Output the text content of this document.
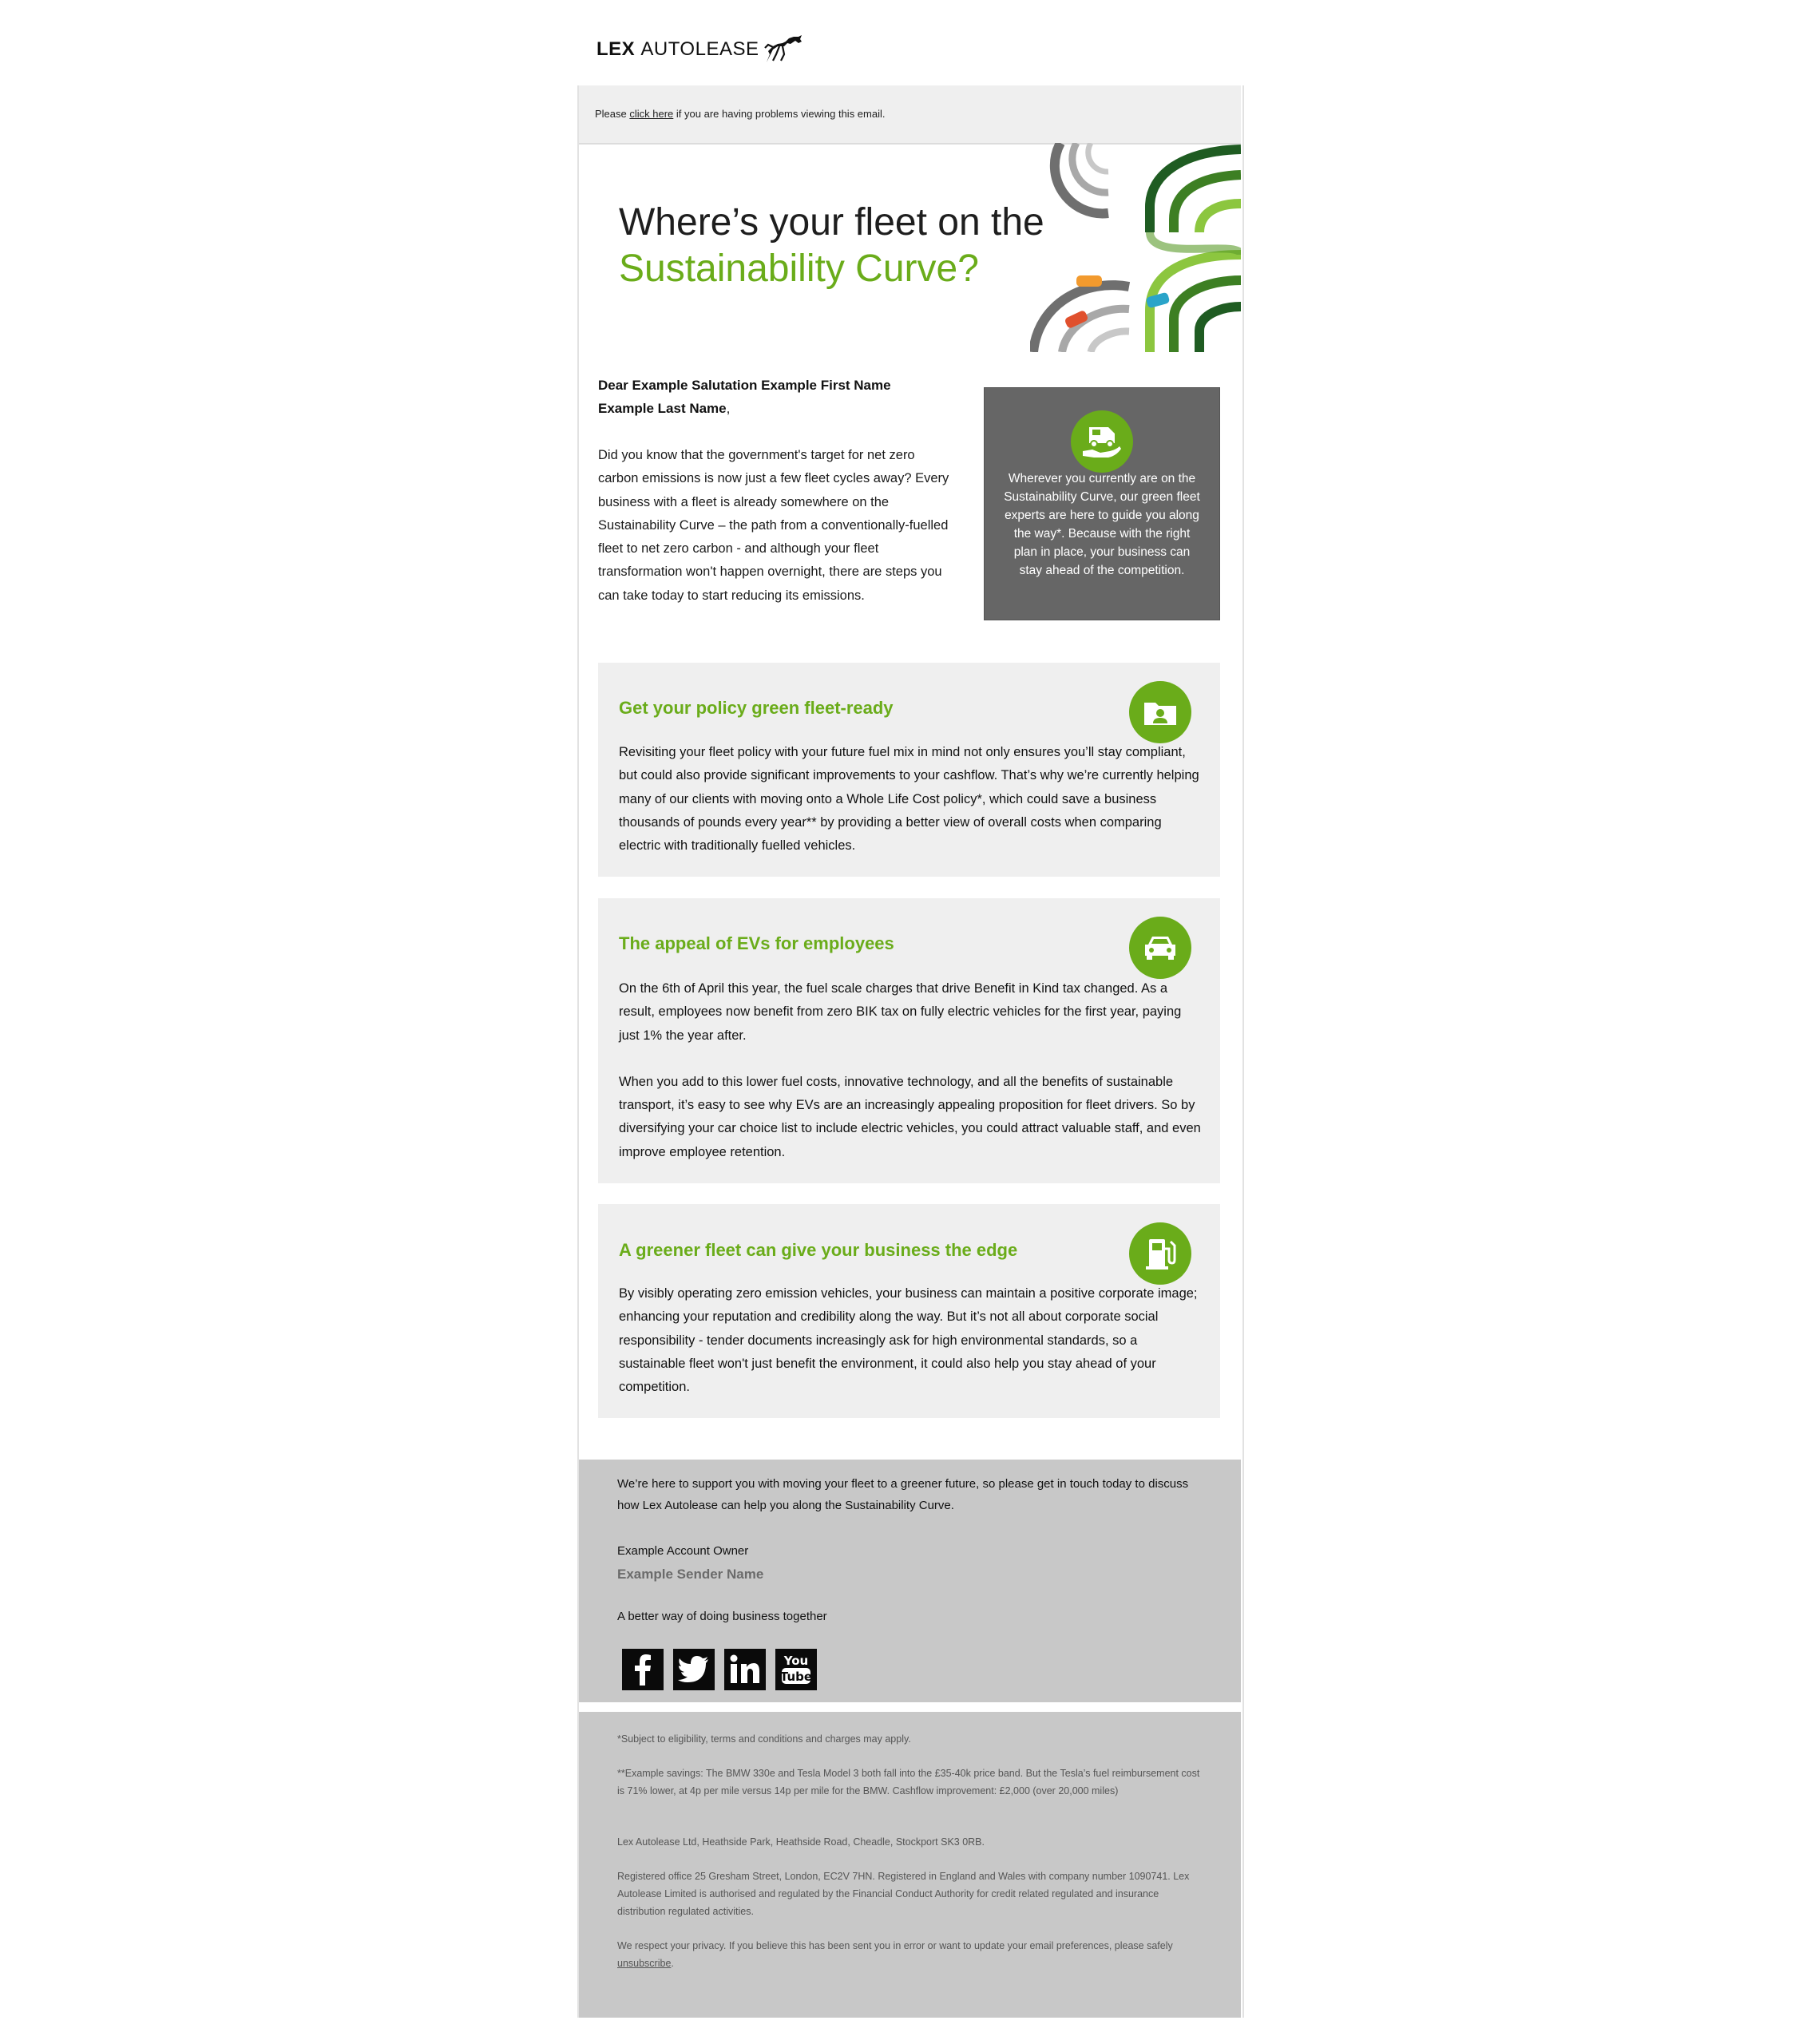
LEX AUTOLEASE
Please click here if you are having problems viewing this email.
Where’s your fleet on the
Sustainability Curve?
Dear Example Salutation Example First Name Example Last Name,
Did you know that the government's target for net zero carbon emissions is now just a few fleet cycles away? Every business with a fleet is already somewhere on the Sustainability Curve – the path from a conventionally-fuelled fleet to net zero carbon - and although your fleet transformation won't happen overnight, there are steps you can take today to start reducing its emissions.
Wherever you currently are on the Sustainability Curve, our green fleet experts are here to guide you along the way*. Because with the right plan in place, your business can stay ahead of the competition.
Get your policy green fleet-ready

Revisiting your fleet policy with your future fuel mix in mind not only ensures you’ll stay compliant, but could also provide significant improvements to your cashflow. That’s why we’re currently helping many of our clients with moving onto a Whole Life Cost policy*, which could save a business thousands of pounds every year** by providing a better view of overall costs when comparing electric with traditionally fuelled vehicles.

The appeal of EVs for employees

On the 6th of April this year, the fuel scale charges that drive Benefit in Kind tax changed. As a result, employees now benefit from zero BIK tax on fully electric vehicles for the first year, paying just 1% the year after.

When you add to this lower fuel costs, innovative technology, and all the benefits of sustainable transport, it’s easy to see why EVs are an increasingly appealing proposition for fleet drivers. So by diversifying your car choice list to include electric vehicles, you could attract valuable staff, and even improve employee retention.

A greener fleet can give your business the edge

By visibly operating zero emission vehicles, your business can maintain a positive corporate image; enhancing your reputation and credibility along the way. But it’s not all about corporate social responsibility - tender documents increasingly ask for high environmental standards, so a sustainable fleet won't just benefit the environment, it could also help you stay ahead of your competition.

We’re here to support you with moving your fleet to a greener future, so please get in touch today to discuss how Lex Autolease can help you along the Sustainability Curve.
Example Account Owner
Example Sender Name
A better way of doing business together
You
Tube
*Subject to eligibility, terms and conditions and charges may apply.
**Example savings: The BMW 330e and Tesla Model 3 both fall into the £35-40k price band. But the Tesla’s fuel reimbursement cost is 71% lower, at 4p per mile versus 14p per mile for the BMW. Cashflow improvement: £2,000 (over 20,000 miles)
Lex Autolease Ltd, Heathside Park, Heathside Road, Cheadle, Stockport SK3 0RB.
Registered office 25 Gresham Street, London, EC2V 7HN. Registered in England and Wales with company number 1090741. Lex Autolease Limited is authorised and regulated by the Financial Conduct Authority for credit related regulated and insurance distribution regulated activities.
We respect your privacy. If you believe this has been sent you in error or want to update your email preferences, please safely unsubscribe.
